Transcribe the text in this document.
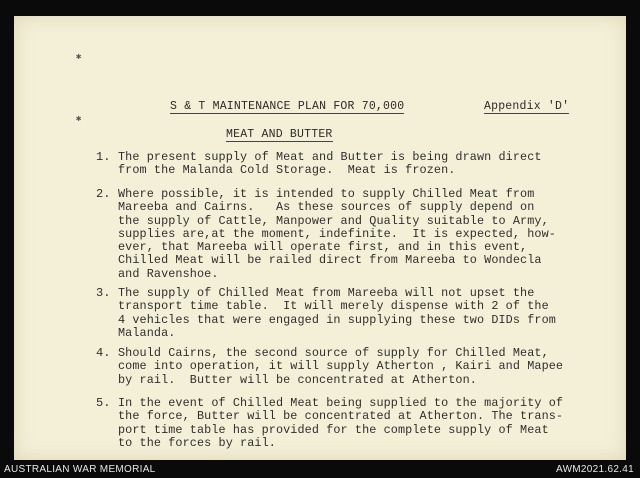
✱
✱
S & T MAINTENANCE PLAN FOR 70,000	Appendix 'D'
MEAT AND BUTTER
1. The present supply of Meat and Butter is being drawn direct
from the Malanda Cold Storage.  Meat is frozen.
2. Where possible, it is intended to supply Chilled Meat from
Mareeba and Cairns.   As these sources of supply depend on
the supply of Cattle, Manpower and Quality suitable to Army,
supplies are,at the moment, indefinite.  It is expected, how-
ever, that Mareeba will operate first, and in this event,
Chilled Meat will be railed direct from Mareeba to Wondecla
and Ravenshoe.
3. The supply of Chilled Meat from Mareeba will not upset the
transport time table.  It will merely dispense with 2 of the
4 vehicles that were engaged in supplying these two DIDs from
Malanda.
4. Should Cairns, the second source of supply for Chilled Meat,
come into operation, it will supply Atherton , Kairi and Mapee
by rail.  Butter will be concentrated at Atherton.
5. In the event of Chilled Meat being supplied to the majority of
the force, Butter will be concentrated at Atherton. The trans-
port time table has provided for the complete supply of Meat
to the forces by rail.
AUSTRALIAN WAR MEMORIAL	AWM2021.62.41
